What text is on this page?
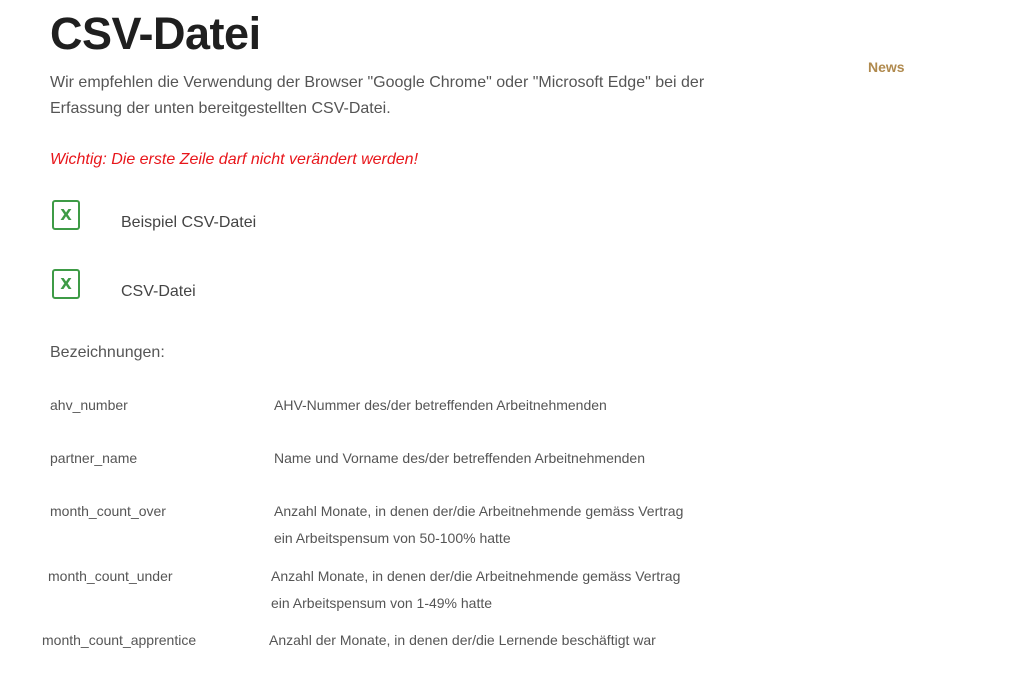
CSV-Datei

Wir empfehlen die Verwendung der Browser "Google Chrome" oder "Microsoft Edge" bei der Erfassung der unten bereitgestellten CSV-Datei.

Wichtig: Die erste Zeile darf nicht verändert werden!

News
X	Beispiel CSV-Datei
X	CSV-Datei

Bezeichnungen:

ahv_number	AHV-Nummer des/der betreffenden Arbeitnehmenden

partner_name	Name und Vorname des/der betreffenden Arbeitnehmenden

month_count_over	Anzahl Monate, in denen der/die Arbeitnehmende gemäss Vertrag

ein Arbeitspensum von 50-100% hatte

month_count_under	Anzahl Monate, in denen der/die Arbeitnehmende gemäss Vertrag

ein Arbeitspensum von 1-49% hatte

month_count_apprentice	Anzahl der Monate, in denen der/die Lernende beschäftigt war
